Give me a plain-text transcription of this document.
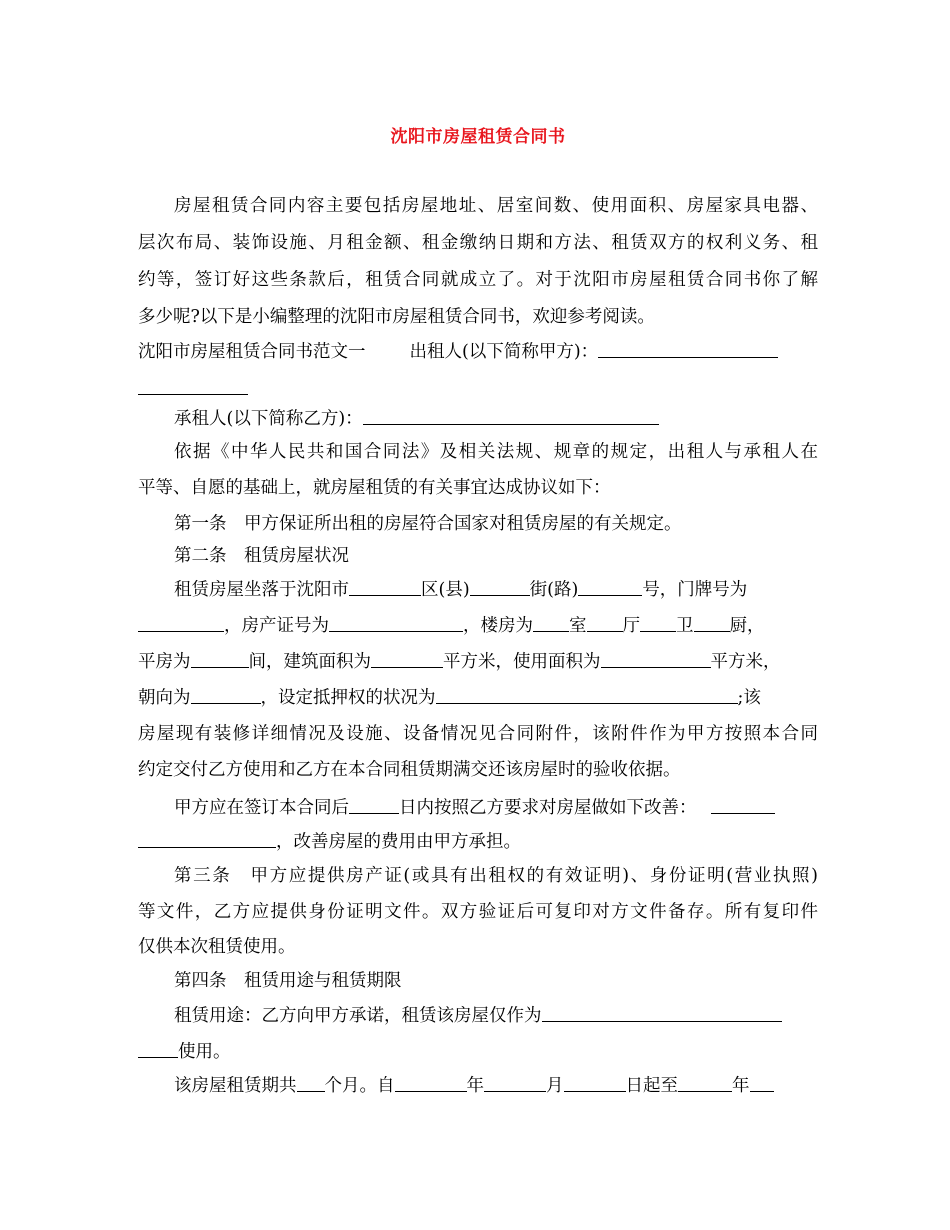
沈阳市房屋租赁合同书
房屋租赁合同内容主要包括房屋地址、居室间数、使用面积、房屋家具电器、
层次布局、装饰设施、月租金额、租金缴纳日期和方法、租赁双方的权利义务、租
约等，签订好这些条款后，租赁合同就成立了。对于沈阳市房屋租赁合同书你了解
多少呢?以下是小编整理的沈阳市房屋租赁合同书，欢迎参考阅读。
沈阳市房屋租赁合同书范文一	出租人(以下简称甲方)：
承租人(以下简称乙方)：
依据《中华人民共和国合同法》及相关法规、规章的规定，出租人与承租人在
平等、自愿的基础上，就房屋租赁的有关事宜达成协议如下：
第一条　甲方保证所出租的房屋符合国家对租赁房屋的有关规定。
第二条　租赁房屋状况
租赁房屋坐落于沈阳市	区(县)	街(路)	号，门牌号为
，房产证号为	，楼房为 室 厅 卫 厨，
平房为	间，建筑面积为	平方米，使用面积为	平方米，
朝向为	，设定抵押权的状况为	;该
房屋现有装修详细情况及设施、设备情况见合同附件，该附件作为甲方按照本合同
约定交付乙方使用和乙方在本合同租赁期满交还该房屋时的验收依据。
甲方应在签订本合同后	日内按照乙方要求对房屋做如下改善：
，改善房屋的费用由甲方承担。
第三条　甲方应提供房产证(或具有出租权的有效证明)、身份证明(营业执照)
等文件，乙方应提供身份证明文件。双方验证后可复印对方文件备存。所有复印件
仅供本次租赁使用。
第四条　租赁用途与租赁期限
租赁用途：乙方向甲方承诺，租赁该房屋仅作为
使用。
该房屋租赁期共 个月。自	年	月	日起至	年
